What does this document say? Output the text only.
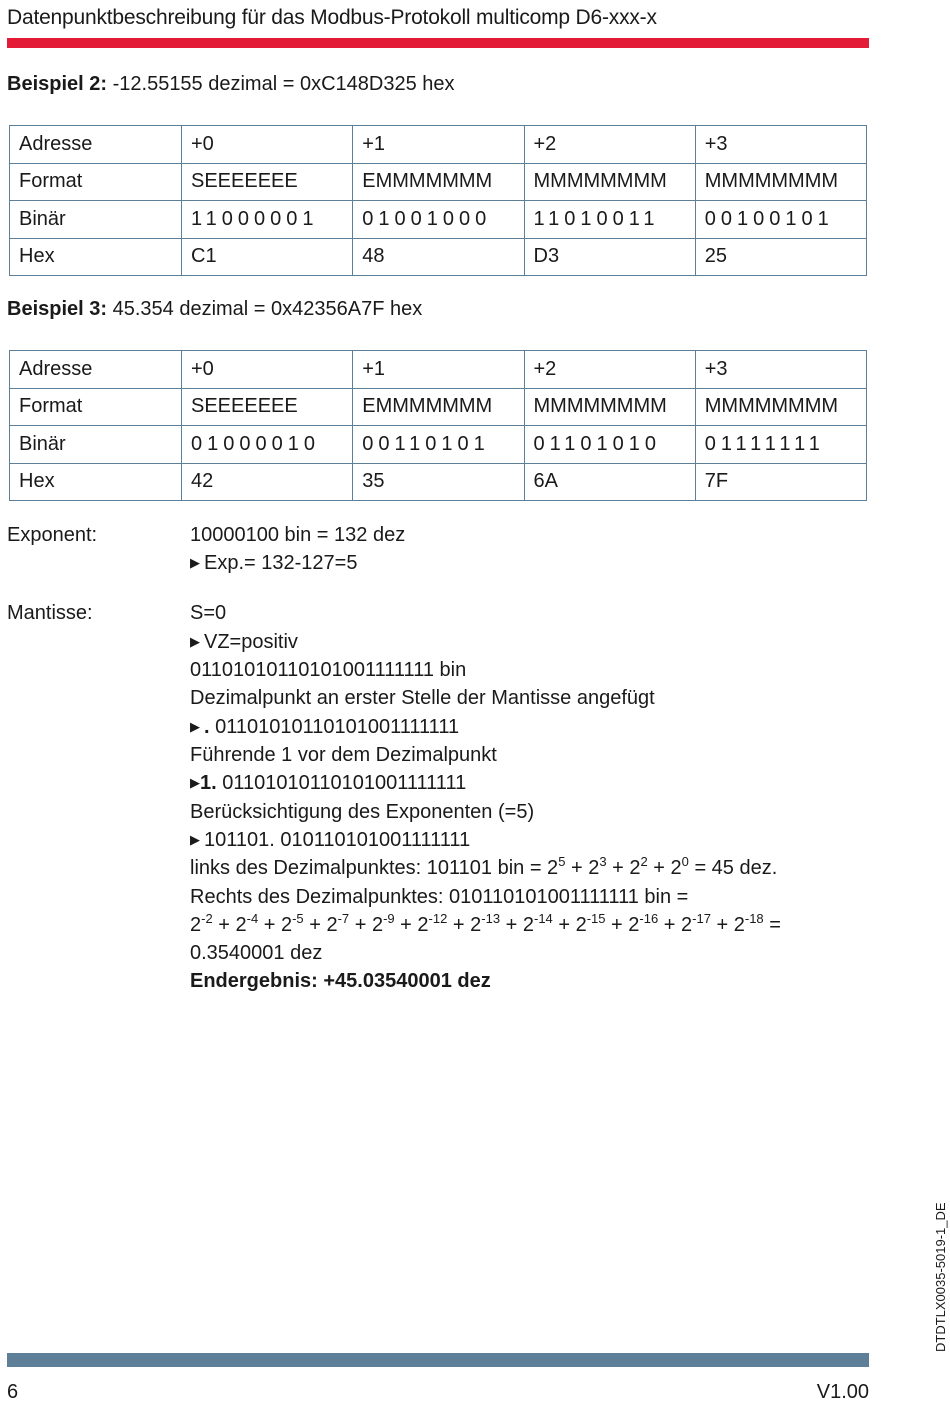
Datenpunktbeschreibung für das Modbus-Protokoll multicomp D6-xxx-x
Beispiel 2: -12.55155 dezimal = 0xC148D325 hex
Adresse	+0	+1	+2	+3
Format	SEEEEEEE	EMMMMMMM	MMMMMMMM	MMMMMMMM
Binär	11000001	01001000	11010011	00100101
Hex	C1	48	D3	25
Beispiel 3: 45.354 dezimal = 0x42356A7F hex
Adresse	+0	+1	+2	+3
Format	SEEEEEEE	EMMMMMMM	MMMMMMMM	MMMMMMMM
Binär	01000010	00110101	01101010	01111111
Hex	42	35	6A	7F
Exponent:	10000100 bin = 132 dez
▶ Exp.= 132-127=5
Mantisse:	S=0
▶ VZ=positiv
01101010110101001111111 bin
Dezimalpunkt an erster Stelle der Mantisse angefügt
▶ . 01101010110101001111111
Führende 1 vor dem Dezimalpunkt
▶1. 01101010110101001111111
Berücksichtigung des Exponenten (=5)
▶ 101101. 010110101001111111
links des Dezimalpunktes: 101101 bin = $2^5 + 2^3 + 2^2 + 2^0 = 45$ dez.
Rechts des Dezimalpunktes: 010110101001111111 bin =
$2^{-2} + 2^{-4} + 2^{-5} + 2^{-7} + 2^{-9} + 2^{-12} + 2^{-13} + 2^{-14} + 2^{-15} + 2^{-16} + 2^{-17} + 2^{-18}$ =
0.3540001 dez
Endergebnis: +45.03540001 dez
DTDTLX0035-5019-1_DE
6	V1.00
